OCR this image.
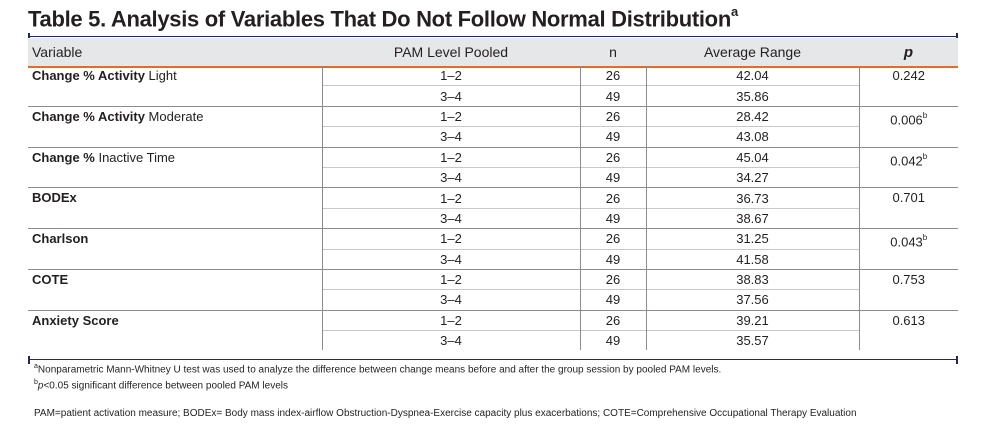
Table 5. Analysis of Variables That Do Not Follow Normal Distribution$^a$
Variable	PAM Level Pooled	n	Average Range	p
Change % Activity Light	1–2	26	42.04	0.242
	3–4	49	35.86	
Change % Activity Moderate	1–2	26	28.42	0.006$^b$
	3–4	49	43.08	
Change % Inactive Time	1–2	26	45.04	0.042$^b$
	3–4	49	34.27	
BODEx	1–2	26	36.73	0.701
	3–4	49	38.67	
Charlson	1–2	26	31.25	0.043$^b$
	3–4	49	41.58	
COTE	1–2	26	38.83	0.753
	3–4	49	37.56	
Anxiety Score	1–2	26	39.21	0.613
	3–4	49	35.57	
$^a$Nonparametric Mann-Whitney U test was used to analyze the difference between change means before and after the group session by pooled PAM levels.
$^b$p<0.05 significant difference between pooled PAM levels
PAM=patient activation measure; BODEx= Body mass index-airflow Obstruction-Dyspnea-Exercise capacity plus exacerbations; COTE=Comprehensive Occupational Therapy Evaluation
